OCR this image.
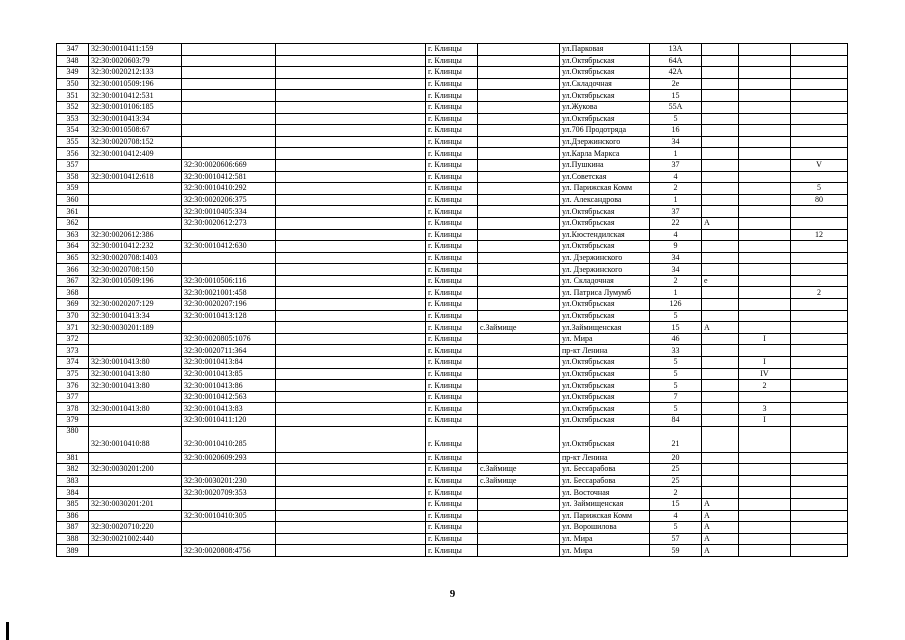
347	32:30:0010411:159			г. Клинцы		ул.Парковая	13А			
348	32:30:0020603:79			г. Клинцы		ул.Октябрьская	64А			
349	32:30:0020212:133			г. Клинцы		ул.Октябрьская	42А			
350	32:30:0010509:196			г. Клинцы		ул.Складочная	2е			
351	32:30:0010412:531			г. Клинцы		ул.Октябрьская	15			
352	32:30:0010106:185			г. Клинцы		ул.Жукова	55А			
353	32:30:0010413:34			г. Клинцы		ул.Октябрьская	5			
354	32:30:0010508:67			г. Клинцы		ул.706 Продотряда	16			
355	32:30:0020708:152			г. Клинцы		ул.Дзержинского	34			
356	32:30:0010412:409			г. Клинцы		ул.Карла Маркса	1			
357		32:30:0020606:669		г. Клинцы		ул.Пушкина	37			V
358	32:30:0010412:618	32:30:0010412:581		г. Клинцы		ул.Советская	4			
359		32:30:0010410:292		г. Клинцы		ул. Парижская Комм	2			5
360		32:30:0020206:375		г. Клинцы		ул. Александрова	1			80
361		32:30:0010405:334		г. Клинцы		ул.Октябрьская	37			
362		32:30:0020612:273		г. Клинцы		ул.Октябрьская	22	А		
363	32:30:0020612:386			г. Клинцы		ул.Кюстендилская	4			12
364	32:30:0010412:232	32:30:0010412:630		г. Клинцы		ул.Октябрьская	9			
365	32:30:0020708:1403			г. Клинцы		ул. Дзержинского	34			
366	32:30:0020708:150			г. Клинцы		ул. Дзержинского	34			
367	32:30:0010509:196	32:30:0010506:116		г. Клинцы		ул. Складочная	2	е		
368		32:30:0021001:458		г. Клинцы		ул. Патриса Лумумб	1			2
369	32:30:0020207:129	32:30:0020207:196		г. Клинцы		ул.Октябрьская	126			
370	32:30:0010413:34	32:30:0010413:128		г. Клинцы		ул.Октябрьская	5			
371	32:30:0030201:189			г. Клинцы	с.Займище	ул.Займищенская	15	А		
372		32:30:0020805:1076		г. Клинцы		ул. Мира	46		I	
373		32:30:0020711:364		г. Клинцы		пр-кт Ленина	33			
374	32:30:0010413:80	32:30:0010413:84		г. Клинцы		ул.Октябрьская	5		I	
375	32:30:0010413:80	32:30:0010413:85		г. Клинцы		ул.Октябрьская	5		IV	
376	32:30:0010413:80	32:30:0010413:86		г. Клинцы		ул.Октябрьская	5		2	
377		32:30:0010412:563		г. Клинцы		ул.Октябрьская	7			
378	32:30:0010413:80	32:30:0010413:83		г. Клинцы		ул.Октябрьская	5		3	
379		32:30:0010411:120		г. Клинцы		ул.Октябрьская	84		I	
380	32:30:0010410:88	32:30:0010410:285		г. Клинцы		ул.Октябрьская	21			
381		32:30:0020609:293		г. Клинцы		пр-кт Ленина	20			
382	32:30:0030201:200			г. Клинцы	с.Займище	ул. Бессарабова	25			
383		32:30:0030201:230		г. Клинцы	с.Займище	ул. Бессарабова	25			
384		32:30:0020709:353		г. Клинцы		ул. Восточная	2			
385	32:30:0030201:201			г. Клинцы		ул. Займищенская	15	А		
386		32:30:0010410:305		г. Клинцы		ул. Парижская Комм	4	А		
387	32:30:0020710:220			г. Клинцы		ул. Ворошилова	5	А		
388	32:30:0021002:440			г. Клинцы		ул. Мира	57	А		
389		32:30:0020808:4756		г. Клинцы		ул. Мира	59	А		
9
